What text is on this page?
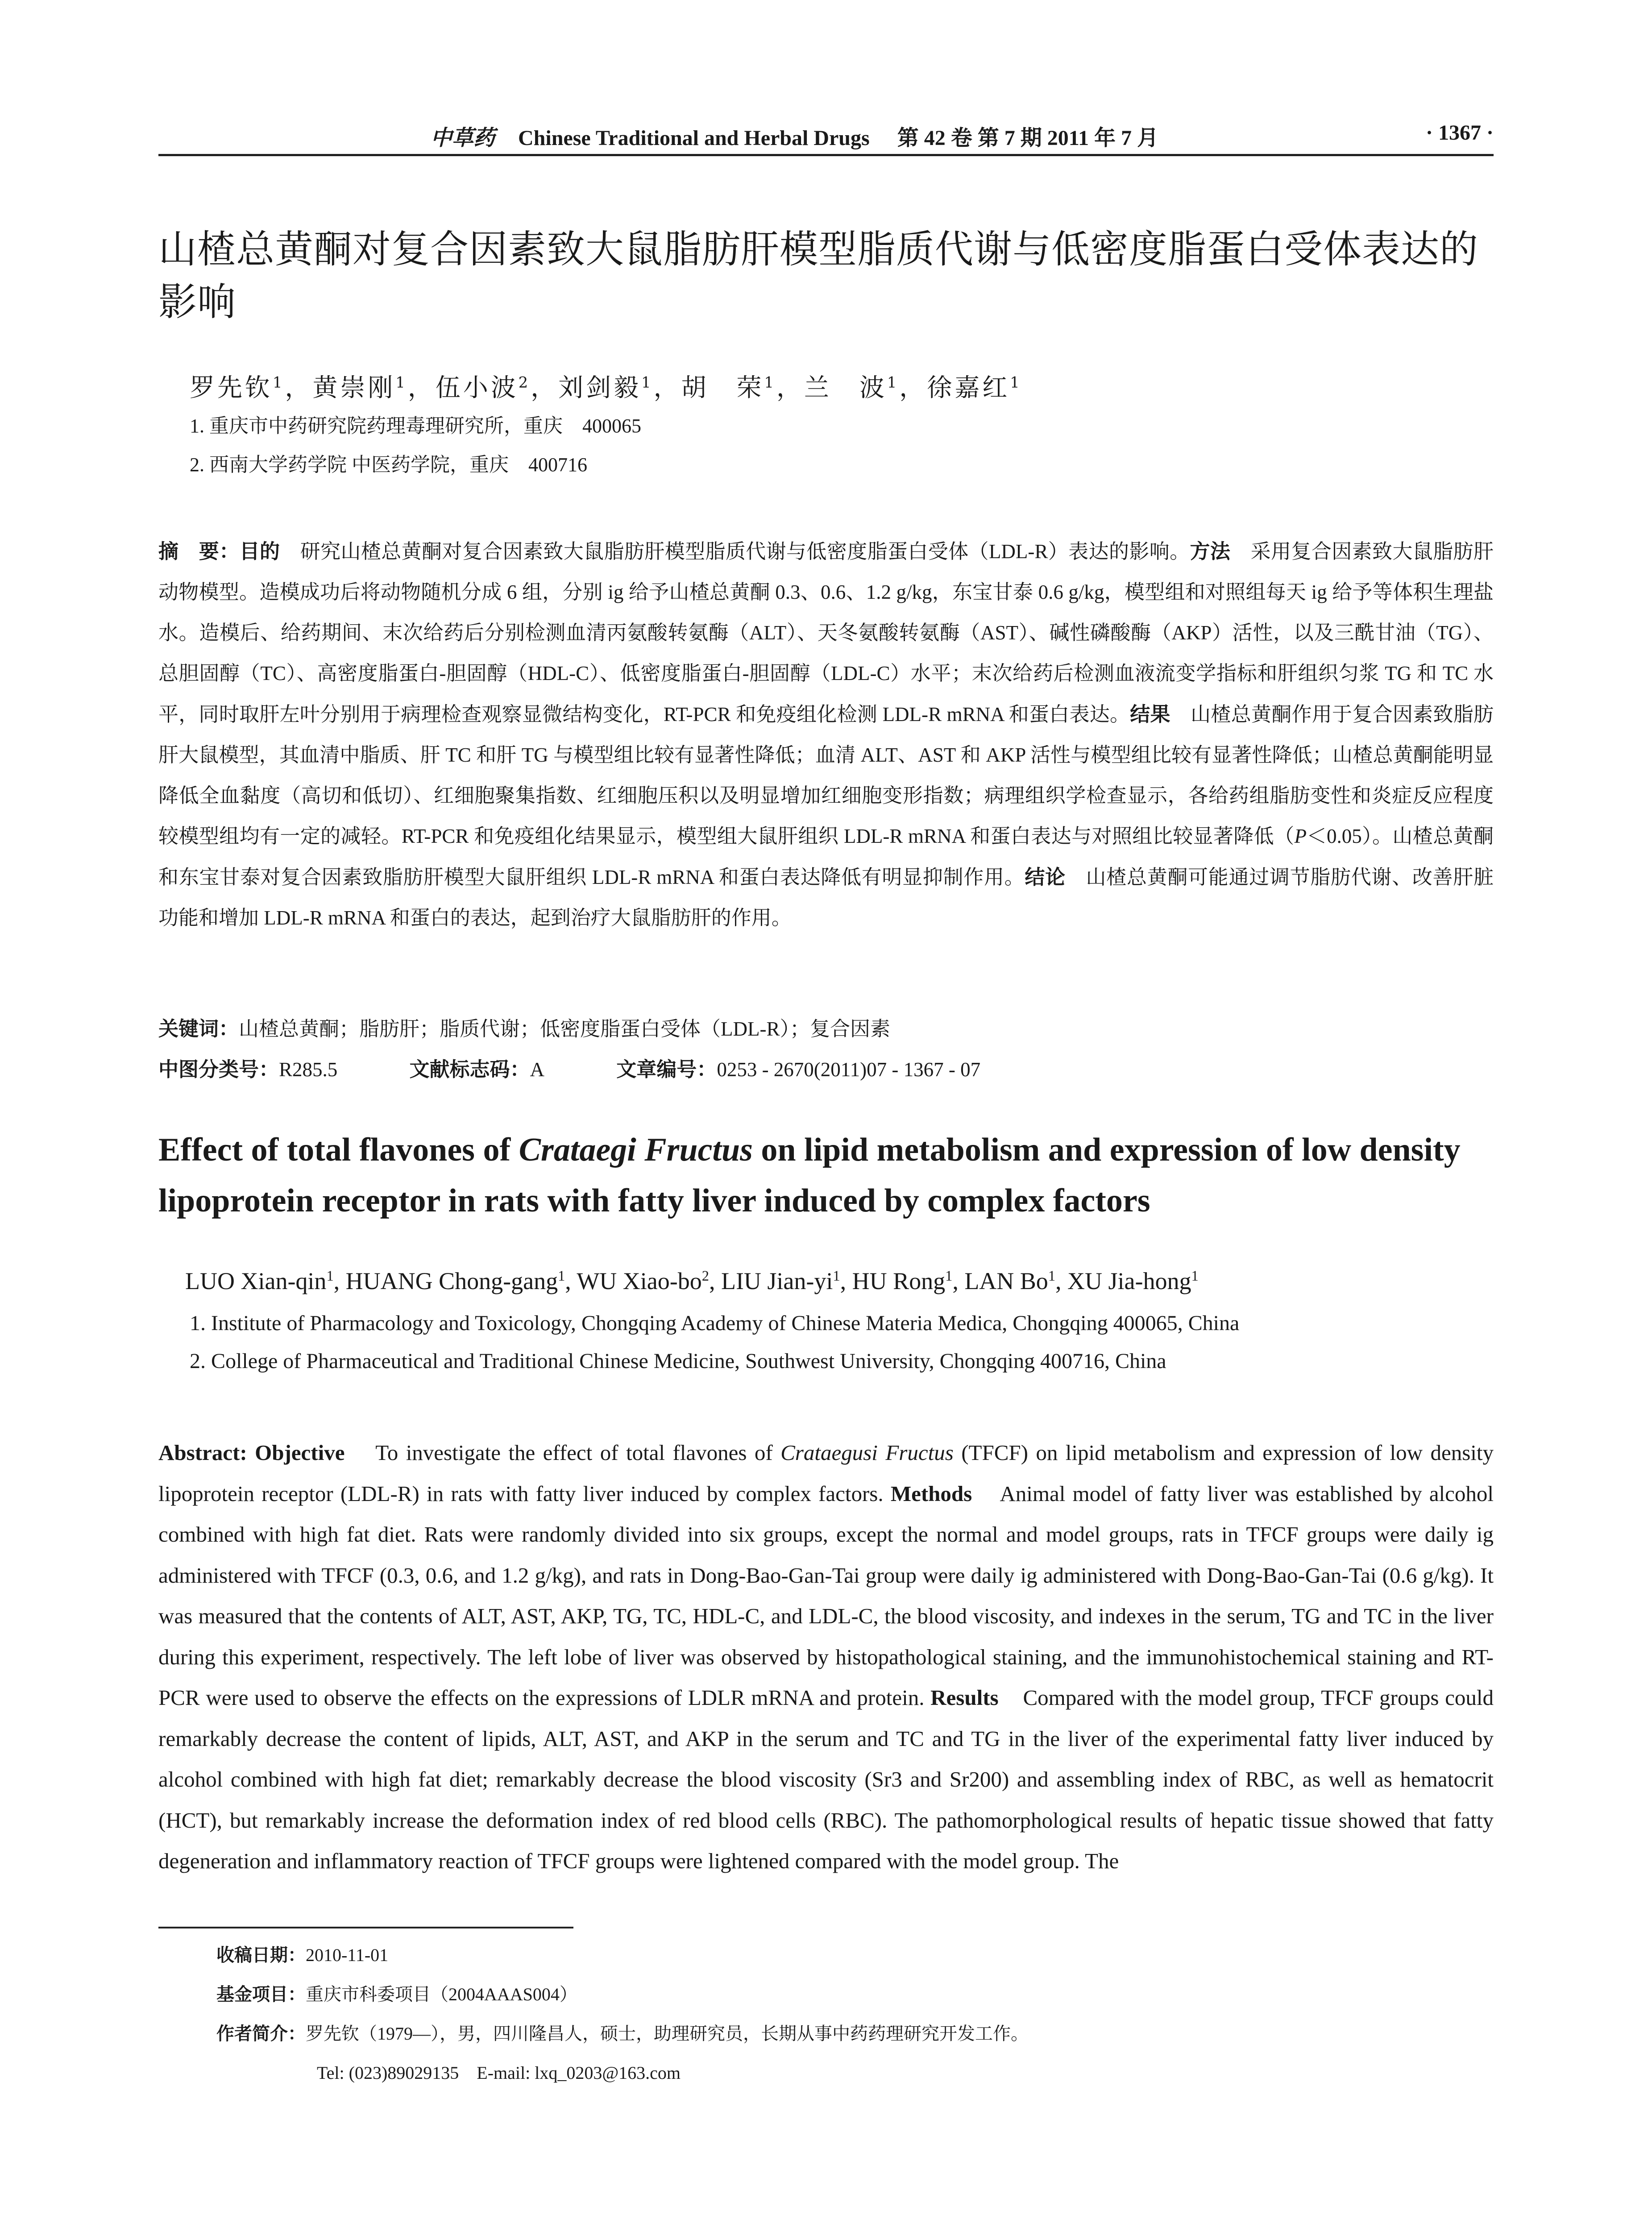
中草药 Chinese Traditional and Herbal Drugs 第 42 卷 第 7 期 2011 年 7 月	· 1367 ·
山楂总黄酮对复合因素致大鼠脂肪肝模型脂质代谢与低密度脂蛋白受体表达的影响
罗先钦$^1$，黄崇刚$^1$，伍小波$^2$，刘剑毅$^1$，胡　荣$^1$，兰　波$^1$，徐嘉红$^1$
1. 重庆市中药研究院药理毒理研究所，重庆　400065
2. 西南大学药学院 中医药学院，重庆　400716
摘　要：目的　 研究山楂总黄酮对复合因素致大鼠脂肪肝模型脂质代谢与低密度脂蛋白受体（LDL-R）表达的影响。方法　 采用复合因素致大鼠脂肪肝动物模型。造模成功后将动物随机分成 6 组，分别 ig 给予山楂总黄酮 0.3、0.6、1.2 g/kg，东宝甘泰 0.6 g/kg，模型组和对照组每天 ig 给予等体积生理盐水。造模后、给药期间、末次给药后分别检测血清丙氨酸转氨酶（ALT）、天冬氨酸转氨酶（AST）、碱性磷酸酶（AKP）活性，以及三酰甘油（TG）、总胆固醇（TC）、高密度脂蛋白-胆固醇（HDL-C）、低密度脂蛋白-胆固醇（LDL-C）水平；末次给药后检测血液流变学指标和肝组织匀浆 TG 和 TC 水平，同时取肝左叶分别用于病理检查观察显微结构变化，RT-PCR 和免疫组化检测 LDL-R mRNA 和蛋白表达。结果　 山楂总黄酮作用于复合因素致脂肪肝大鼠模型，其血清中脂质、肝 TC 和肝 TG 与模型组比较有显著性降低；血清 ALT、AST 和 AKP 活性与模型组比较有显著性降低；山楂总黄酮能明显降低全血黏度（高切和低切）、红细胞聚集指数、红细胞压积以及明显增加红细胞变形指数；病理组织学检查显示，各给药组脂肪变性和炎症反应程度较模型组均有一定的减轻。RT-PCR 和免疫组化结果显示，模型组大鼠肝组织 LDL-R mRNA 和蛋白表达与对照组比较显著降低（P＜0.05）。山楂总黄酮和东宝甘泰对复合因素致脂肪肝模型大鼠肝组织 LDL-R mRNA 和蛋白表达降低有明显抑制作用。结论　 山楂总黄酮可能通过调节脂肪代谢、改善肝脏功能和增加 LDL-R mRNA 和蛋白的表达，起到治疗大鼠脂肪肝的作用。
关键词：山楂总黄酮；脂肪肝；脂质代谢；低密度脂蛋白受体（LDL-R）；复合因素
中图分类号：R285.5	文献标志码：A	文章编号：0253 - 2670(2011)07 - 1367 - 07
Effect of total flavones of Crataegi Fructus on lipid metabolism and expression of low density lipoprotein receptor in rats with fatty liver induced by complex factors
LUO Xian-qin$^1$, HUANG Chong-gang$^1$, WU Xiao-$bo^2$, LIU Jian-$yi^1$, HU Rong$^1$, LAN Bo$^1$, XU Jia-hong$^1$
1. Institute of Pharmacology and Toxicology, Chongqing Academy of Chinese Materia Medica, Chongqing 400065, China
2. College of Pharmaceutical and Traditional Chinese Medicine, Southwest University, Chongqing 400716, China
Abstract: Objective To investigate the effect of total flavones of Crataegusi Fructus (TFCF) on lipid metabolism and expression of low density lipoprotein receptor (LDL-R) in rats with fatty liver induced by complex factors. Methods Animal model of fatty liver was established by alcohol combined with high fat diet. Rats were randomly divided into six groups, except the normal and model groups, rats in TFCF groups were daily ig administered with TFCF (0.3, 0.6, and 1.2 g/kg), and rats in Dong-Bao-Gan-Tai group were daily ig administered with Dong-Bao-Gan-Tai (0.6 g/kg). It was measured that the contents of ALT, AST, AKP, TG, TC, HDL-C, and LDL-C, the blood viscosity, and indexes in the serum, TG and TC in the liver during this experiment, respectively. The left lobe of liver was observed by histopathological staining, and the immunohistochemical staining and RT-PCR were used to observe the effects on the expressions of LDLR mRNA and protein. Results Compared with the model group, TFCF groups could remarkably decrease the content of lipids, ALT, AST, and AKP in the serum and TC and TG in the liver of the experimental fatty liver induced by alcohol combined with high fat diet; remarkably decrease the blood viscosity (Sr3 and Sr200) and assembling index of RBC, as well as hematocrit (HCT), but remarkably increase the deformation index of red blood cells (RBC). The pathomorphological results of hepatic tissue showed that fatty degeneration and inflammatory reaction of TFCF groups were lightened compared with the model group. The
收稿日期：2010-11-01
基金项目：重庆市科委项目（2004AAAS004）
作者简介：罗先钦（1979—），男，四川隆昌人，硕士，助理研究员，长期从事中药药理研究开发工作。
Tel: (023)89029135　E-mail: lxq_0203@163.com
